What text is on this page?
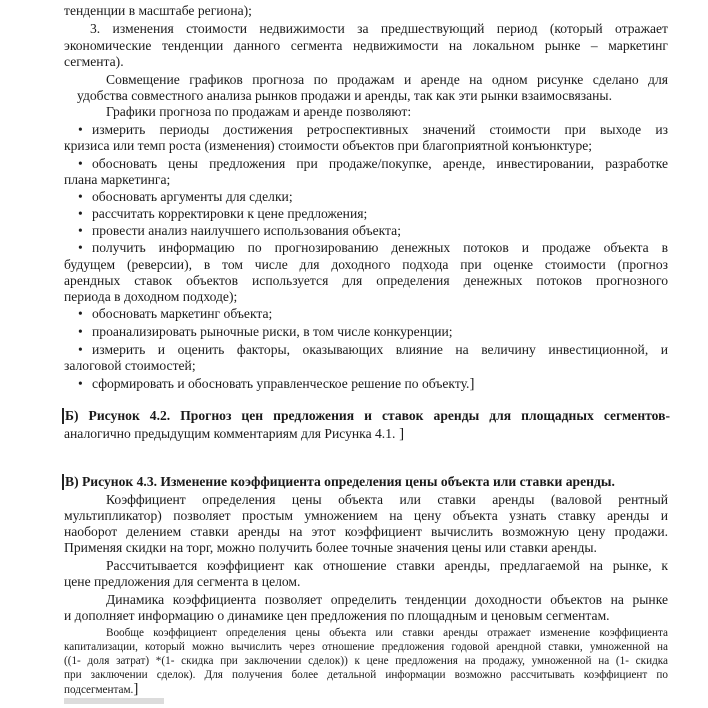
тенденции в масштабе региона);
3. изменения стоимости недвижимости за предшествующий период (который отражает
экономические тенденции данного сегмента недвижимости на локальном рынке – маркетинг
сегмента).
Совмещение графиков прогноза по продажам и аренде на одном рисунке сделано для
удобства совместного анализа рынков продажи и аренды, так как эти рынки взаимосвязаны.
Графики прогноза по продажам и аренде позволяют:
• измерить периоды достижения ретроспективных значений стоимости при выходе из
кризиса или темп роста (изменения) стоимости объектов при благоприятной конъюнктуре;
• обосновать цены предложения при продаже/покупке, аренде, инвестировании, разработке
плана маркетинга;
• обосновать аргументы для сделки;
• рассчитать корректировки к цене предложения;
• провести анализ наилучшего использования объекта;
• получить информацию по прогнозированию денежных потоков и продаже объекта в
будущем (реверсии), в том числе для доходного подхода при оценке стоимости (прогноз
арендных ставок объектов используется для определения денежных потоков прогнозного
периода в доходном подходе);
• обосновать маркетинг объекта;
• проанализировать рыночные риски, в том числе конкуренции;
• измерить и оценить факторы, оказывающих влияние на величину инвестиционной, и
залоговой стоимостей;
• сформировать и обосновать управленческое решение по объекту.]
Б) Рисунок 4.2. Прогноз цен предложения и ставок аренды для площадных сегментов-
аналогично предыдущим комментариям для Рисунка 4.1. ]
В) Рисунок 4.3. Изменение коэффициента определения цены объекта или ставки аренды.
Коэффициент определения цены объекта или ставки аренды (валовой рентный
мультипликатор) позволяет простым умножением на цену объекта узнать ставку аренды и
наоборот делением ставки аренды на этот коэффициент вычислить возможную цену продажи.
Применяя скидки на торг, можно получить более точные значения цены или ставки аренды.
Рассчитывается коэффициент как отношение ставки аренды, предлагаемой на рынке, к
цене предложения для сегмента в целом.
Динамика коэффициента позволяет определить тенденции доходности объектов на рынке
и дополняет информацию о динамике цен предложения по площадным и ценовым сегментам.
Вообще коэффициент определения цены объекта или ставки аренды отражает изменение коэффициента
капитализации, который можно вычислить через отношение предложения годовой арендной ставки, умноженной на
((1- доля затрат) *(1- скидка при заключении сделок)) к цене предложения на продажу, умноженной на (1- скидка
при заключении сделок). Для получения более детальной информации возможно рассчитывать коэффициент по
подсегментам.]
